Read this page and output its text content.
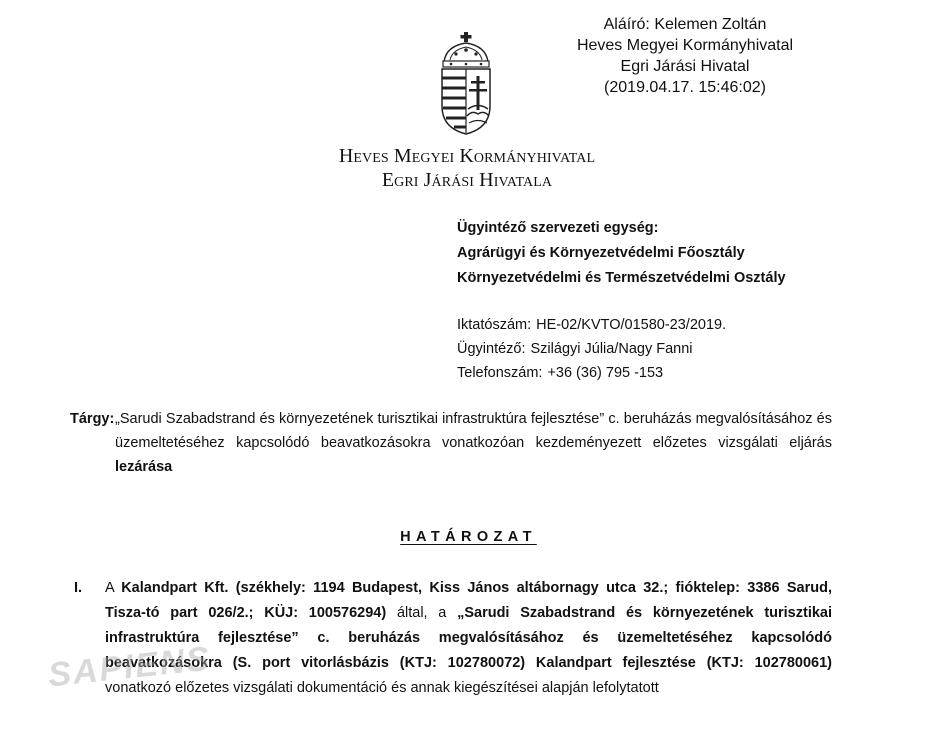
Aláíró: Kelemen Zoltán
Heves Megyei Kormányhivatal
Egri Járási Hivatal
(2019.04.17. 15:46:02)
Heves Megyei Kormányhivatal
Egri Járási Hivatala
Ügyintéző szervezeti egység:
Agrárügyi és Környezetvédelmi Főosztály
Környezetvédelmi és Természetvédelmi Osztály
Iktatószám: HE-02/KVTO/01580-23/2019.
Ügyintéző: Szilágyi Júlia/Nagy Fanni
Telefonszám: +36 (36) 795 -153
Tárgy: „Sarudi Szabadstrand és környezetének turisztikai infrastruktúra fejlesztése” c. beruházás megvalósításához és üzemeltetéséhez kapcsolódó beavatkozásokra vonatkozóan kezdeményezett előzetes vizsgálati eljárás lezárása
HATÁROZAT
I. A Kalandpart Kft. (székhely: 1194 Budapest, Kiss János altábornagy utca 32.; fióktelep: 3386 Sarud, Tisza-tó part 026/2.; KÜJ: 100576294) által, a „Sarudi Szabadstrand és környezetének turisztikai infrastruktúra fejlesztése” c. beruházás megvalósításához és üzemeltetéséhez kapcsolódó beavatkozásokra (S. port vitorlásbázis (KTJ: 102780072) Kalandpart fejlesztése (KTJ: 102780061) vonatkozó előzetes vizsgálati dokumentáció és annak kiegészítései alapján lefolytatott
SAPIENS
